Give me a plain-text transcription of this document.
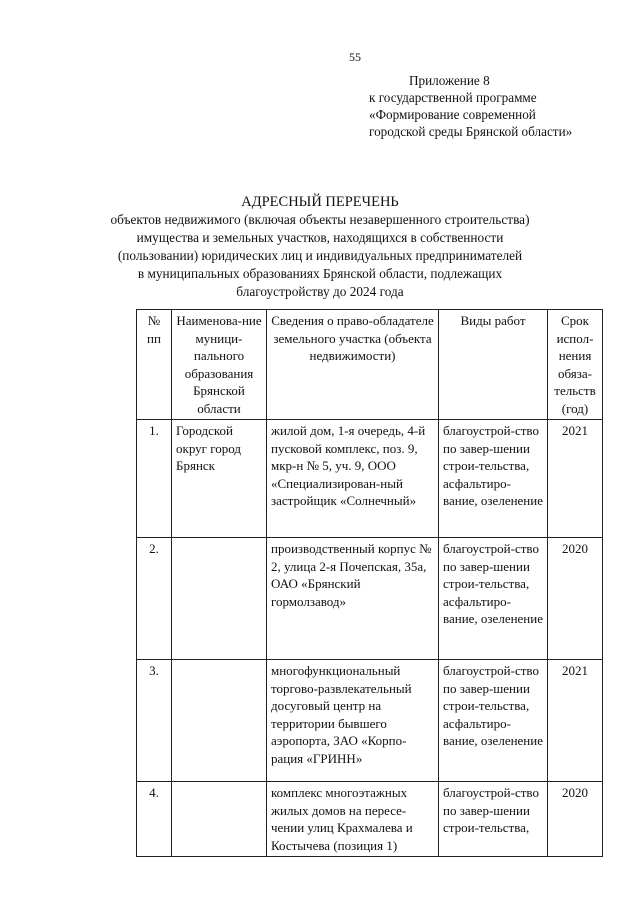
55
Приложение 8
к государственной программе
«Формирование современной
городской среды Брянской области»
АДРЕСНЫЙ ПЕРЕЧЕНЬ
объектов недвижимого (включая объекты незавершенного строительства)
имущества и земельных участков, находящихся в собственности
(пользовании) юридических лиц и индивидуальных предпринимателей
в муниципальных образованиях Брянской области, подлежащих
благоустройству до 2024 года
№ пп	Наименова-ние муници-пального образования Брянской области	Сведения о право-обладателе земельного участка (объекта недвижимости)	Виды работ	Срок испол-нения обяза-тельств (год)
1.	Городской округ город Брянск	жилой дом, 1-я очередь, 4-й пусковой комплекс, поз. 9, мкр-н № 5, уч. 9, ООО «Специализирован-ный застройщик «Солнечный»	благоустрой-ство по завер-шении строи-тельства, асфальтиро-вание, озеленение	2021
2.		производственный корпус № 2, улица 2-я Почепская, 35а, ОАО «Брянский гормолзавод»	благоустрой-ство по завер-шении строи-тельства, асфальтиро-вание, озеленение	2020
3.		многофункциональный торгово-развлекательный досуговый центр на территории бывшего аэропорта, ЗАО «Корпо-рация «ГРИНН»	благоустрой-ство по завер-шении строи-тельства, асфальтиро-вание, озеленение	2021
4.		комплекс многоэтажных жилых домов на пересе-чении улиц Крахмалева и Костычева (позиция 1)	благоустрой-ство по завер-шении строи-тельства,	2020
